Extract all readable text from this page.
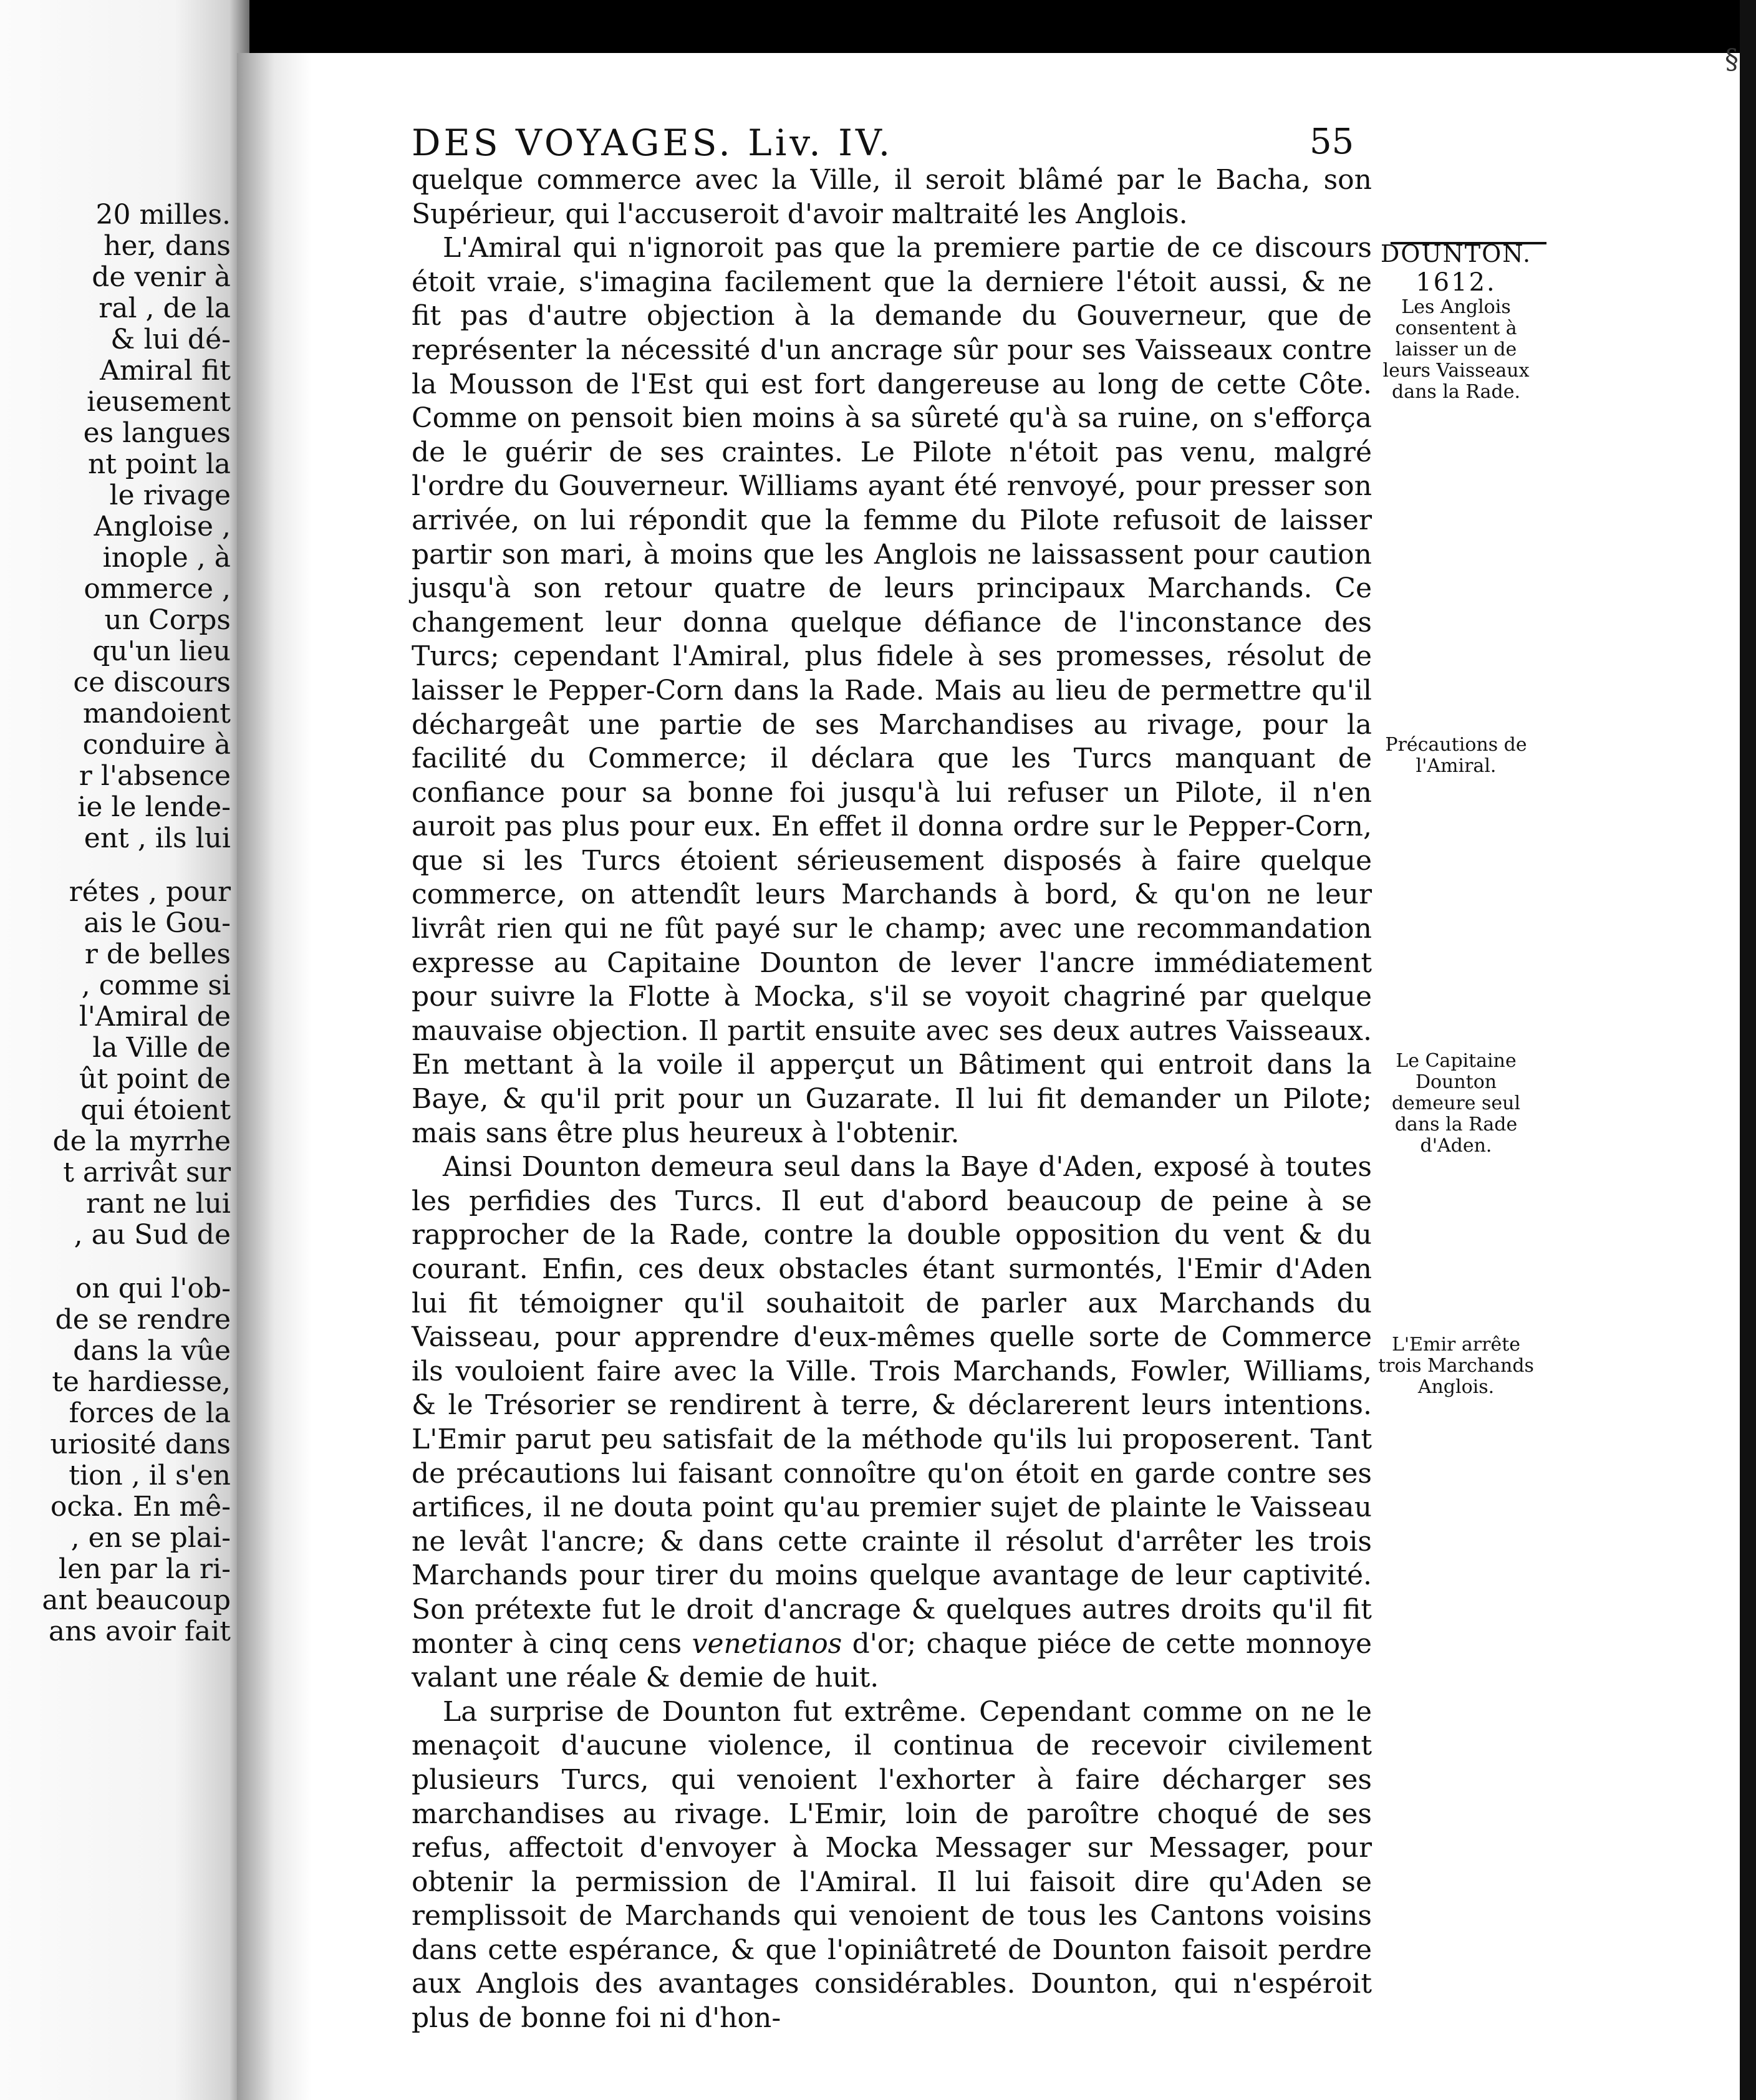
20 milles.
her, dans
de venir à
ral , de la
& lui dé-
Amiral fit
ieusement
es langues
nt point la
le rivage
Angloise ,
inople , à
ommerce ,
un Corps
qu'un lieu
ce discours
mandoient
conduire à
r l'absence
ie le lende-
ent , ils lui
rétes , pour
ais le Gou-
r de belles
, comme si
l'Amiral de
la Ville de
ût point de
qui étoient
de la myrrhe
t arrivât sur
rant ne lui
, au Sud de
on qui l'ob-
de se rendre
dans la vûe
te hardiesse,
forces de la
uriosité dans
tion , il s'en
ocka. En mê-
, en se plai-
len par la ri-
ant beaucoup
ans avoir fait
§
DES VOYAGES. Liv. IV.	55
DOUNTON.
1612.
Les Anglois consentent à laisser un de leurs Vaisseaux dans la Rade.
Précautions de l'Amiral.
Le Capitaine Dounton demeure seul dans la Rade d'Aden.
L'Emir arrête trois Marchands Anglois.

quelque commerce avec la Ville, il seroit blâmé par le Bacha, son Supérieur, qui l'accuseroit d'avoir maltraité les Anglois.

L'Amiral qui n'ignoroit pas que la premiere partie de ce discours étoit vraie, s'imagina facilement que la derniere l'étoit aussi, & ne fit pas d'autre objection à la demande du Gouverneur, que de représenter la nécessité d'un ancrage sûr pour ses Vaisseaux contre la Mousson de l'Est qui est fort dangereuse au long de cette Côte. Comme on pensoit bien moins à sa sûreté qu'à sa ruine, on s'efforça de le guérir de ses craintes. Le Pilote n'étoit pas venu, malgré l'ordre du Gouverneur. Williams ayant été renvoyé, pour presser son arrivée, on lui répondit que la femme du Pilote refusoit de laisser partir son mari, à moins que les Anglois ne laissassent pour caution jusqu'à son retour quatre de leurs principaux Marchands. Ce changement leur donna quelque défiance de l'inconstance des Turcs; cependant l'Amiral, plus fidele à ses promesses, résolut de laisser le Pepper-Corn dans la Rade. Mais au lieu de permettre qu'il déchargeât une partie de ses Marchandises au rivage, pour la facilité du Commerce; il déclara que les Turcs manquant de confiance pour sa bonne foi jusqu'à lui refuser un Pilote, il n'en auroit pas plus pour eux. En effet il donna ordre sur le Pepper-Corn, que si les Turcs étoient sérieusement disposés à faire quelque commerce, on attendît leurs Marchands à bord, & qu'on ne leur livrât rien qui ne fût payé sur le champ; avec une recommandation expresse au Capitaine Dounton de lever l'ancre immédiatement pour suivre la Flotte à Mocka, s'il se voyoit chagriné par quelque mauvaise objection. Il partit ensuite avec ses deux autres Vaisseaux. En mettant à la voile il apperçut un Bâtiment qui entroit dans la Baye, & qu'il prit pour un Guzarate. Il lui fit demander un Pilote; mais sans être plus heureux à l'obtenir.

Ainsi Dounton demeura seul dans la Baye d'Aden, exposé à toutes les perfidies des Turcs. Il eut d'abord beaucoup de peine à se rapprocher de la Rade, contre la double opposition du vent & du courant. Enfin, ces deux obstacles étant surmontés, l'Emir d'Aden lui fit témoigner qu'il souhaitoit de parler aux Marchands du Vaisseau, pour apprendre d'eux-mêmes quelle sorte de Commerce ils vouloient faire avec la Ville. Trois Marchands, Fowler, Williams, & le Trésorier se rendirent à terre, & déclarerent leurs intentions. L'Emir parut peu satisfait de la méthode qu'ils lui proposerent. Tant de précautions lui faisant connoître qu'on étoit en garde contre ses artifices, il ne douta point qu'au premier sujet de plainte le Vaisseau ne levât l'ancre; & dans cette crainte il résolut d'arrêter les trois Marchands pour tirer du moins quelque avantage de leur captivité. Son prétexte fut le droit d'ancrage & quelques autres droits qu'il fit monter à cinq cens venetianos d'or; chaque piéce de cette monnoye valant une réale & demie de huit.

La surprise de Dounton fut extrême. Cependant comme on ne le menaçoit d'aucune violence, il continua de recevoir civilement plusieurs Turcs, qui venoient l'exhorter à faire décharger ses marchandises au rivage. L'Emir, loin de paroître choqué de ses refus, affectoit d'envoyer à Mocka Messager sur Messager, pour obtenir la permission de l'Amiral. Il lui faisoit dire qu'Aden se remplissoit de Marchands qui venoient de tous les Cantons voisins dans cette espérance, & que l'opiniâtreté de Dounton faisoit perdre aux Anglois des avantages considérables. Dounton, qui n'espéroit plus de bonne foi ni d'hon-
